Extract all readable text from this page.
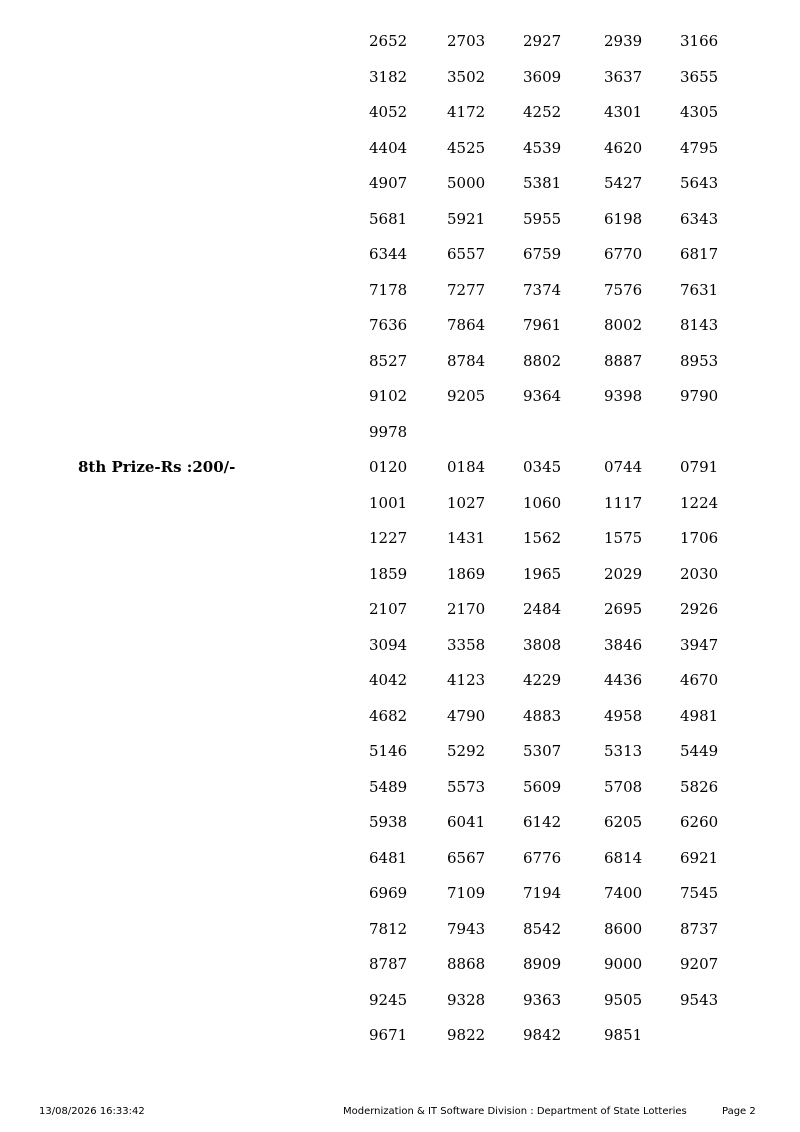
2652	2703	2927	2939	3166
3182	3502	3609	3637	3655
4052	4172	4252	4301	4305
4404	4525	4539	4620	4795
4907	5000	5381	5427	5643
5681	5921	5955	6198	6343
6344	6557	6759	6770	6817
7178	7277	7374	7576	7631
7636	7864	7961	8002	8143
8527	8784	8802	8887	8953
9102	9205	9364	9398	9790
9978
8th Prize-Rs :200/-	0120	0184	0345	0744	0791
1001	1027	1060	1117	1224
1227	1431	1562	1575	1706
1859	1869	1965	2029	2030
2107	2170	2484	2695	2926
3094	3358	3808	3846	3947
4042	4123	4229	4436	4670
4682	4790	4883	4958	4981
5146	5292	5307	5313	5449
5489	5573	5609	5708	5826
5938	6041	6142	6205	6260
6481	6567	6776	6814	6921
6969	7109	7194	7400	7545
7812	7943	8542	8600	8737
8787	8868	8909	9000	9207
9245	9328	9363	9505	9543
9671	9822	9842	9851
13/08/2026 16:33:42	Modernization & IT Software Division : Department of State Lotteries	Page 2
